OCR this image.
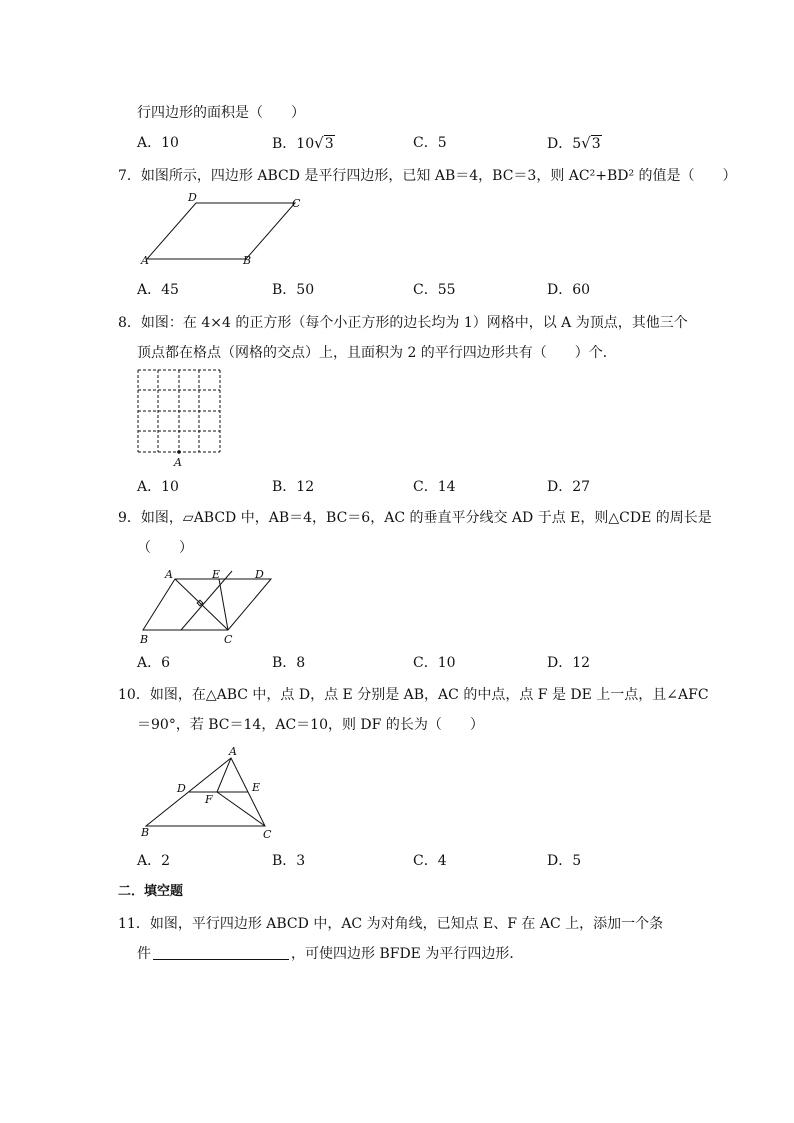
行四边形的面积是（　　）
A．10	B．10√3	C．5	D．5√3
7．如图所示，四边形 ABCD 是平行四边形，已知 AB＝4，BC＝3，则 AC²+BD² 的值是（　　）
D	C
A	B
A．45	B．50	C．55	D．60
8．如图：在 4×4 的正方形（每个小正方形的边长均为 1）网格中，以 A 为顶点，其他三个
顶点都在格点（网格的交点）上，且面积为 2 的平行四边形共有（　　）个．
A
A．10	B．12	C．14	D．27
9．如图，▱ABCD 中，AB＝4，BC＝6，AC 的垂直平分线交 AD 于点 E，则△CDE 的周长是
（　　）
A	E	D
B	C
A．6	B．8	C．10	D．12
10．如图，在△ABC 中，点 D，点 E 分别是 AB，AC 的中点，点 F 是 DE 上一点，且∠AFC
＝90°，若 BC＝14，AC＝10，则 DF 的长为（　　）
A
D	E
F
B	C
A．2	B．3	C．4	D．5
二．填空题
11．如图，平行四边形 ABCD 中，AC 为对角线，已知点 E、F 在 AC 上，添加一个条
件	，可使四边形 BFDE 为平行四边形．
